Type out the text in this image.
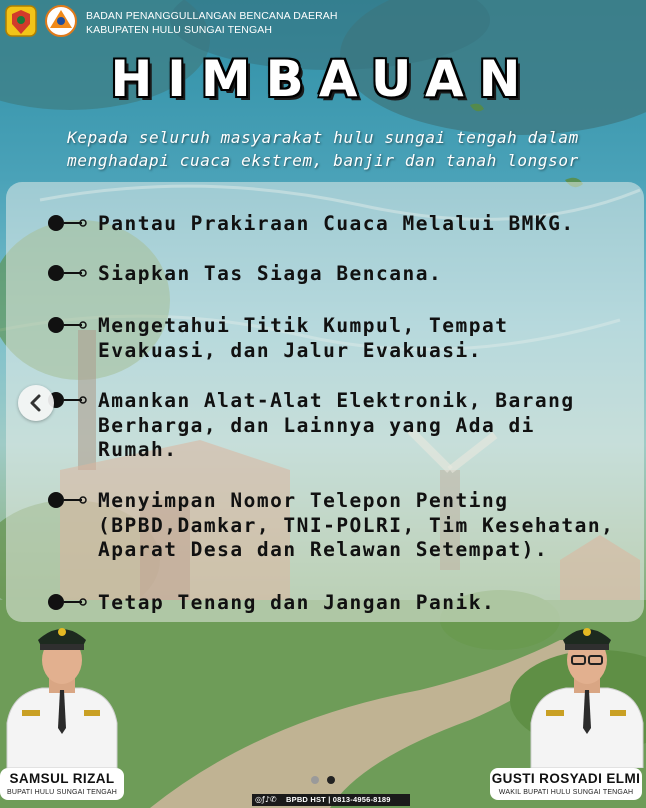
BADAN PENANGGULLANGAN BENCANA DAERAH
KABUPATEN HULU SUNGAI TENGAH
HIMBAUAN
Kepada seluruh masyarakat hulu sungai tengah dalam
menghadapi cuaca ekstrem, banjir dan tanah longsor
Pantau Prakiraan Cuaca Melalui BMKG.
Siapkan Tas Siaga Bencana.
Mengetahui Titik Kumpul, Tempat
Evakuasi, dan Jalur Evakuasi.
Amankan Alat-Alat Elektronik, Barang
Berharga, dan Lainnya yang Ada di
Rumah.
Menyimpan Nomor Telepon Penting
(BPBD,Damkar, TNI-POLRI, Tim Kesehatan,
Aparat Desa dan Relawan Setempat).
Tetap Tenang dan Jangan Panik.
SAMSUL RIZAL
BUPATI HULU SUNGAI TENGAH
GUSTI ROSYADI ELMI
WAKIL BUPATI HULU SUNGAI TENGAH
◎ƒ♪✆ BPBD HST | 0813-4956-8189
